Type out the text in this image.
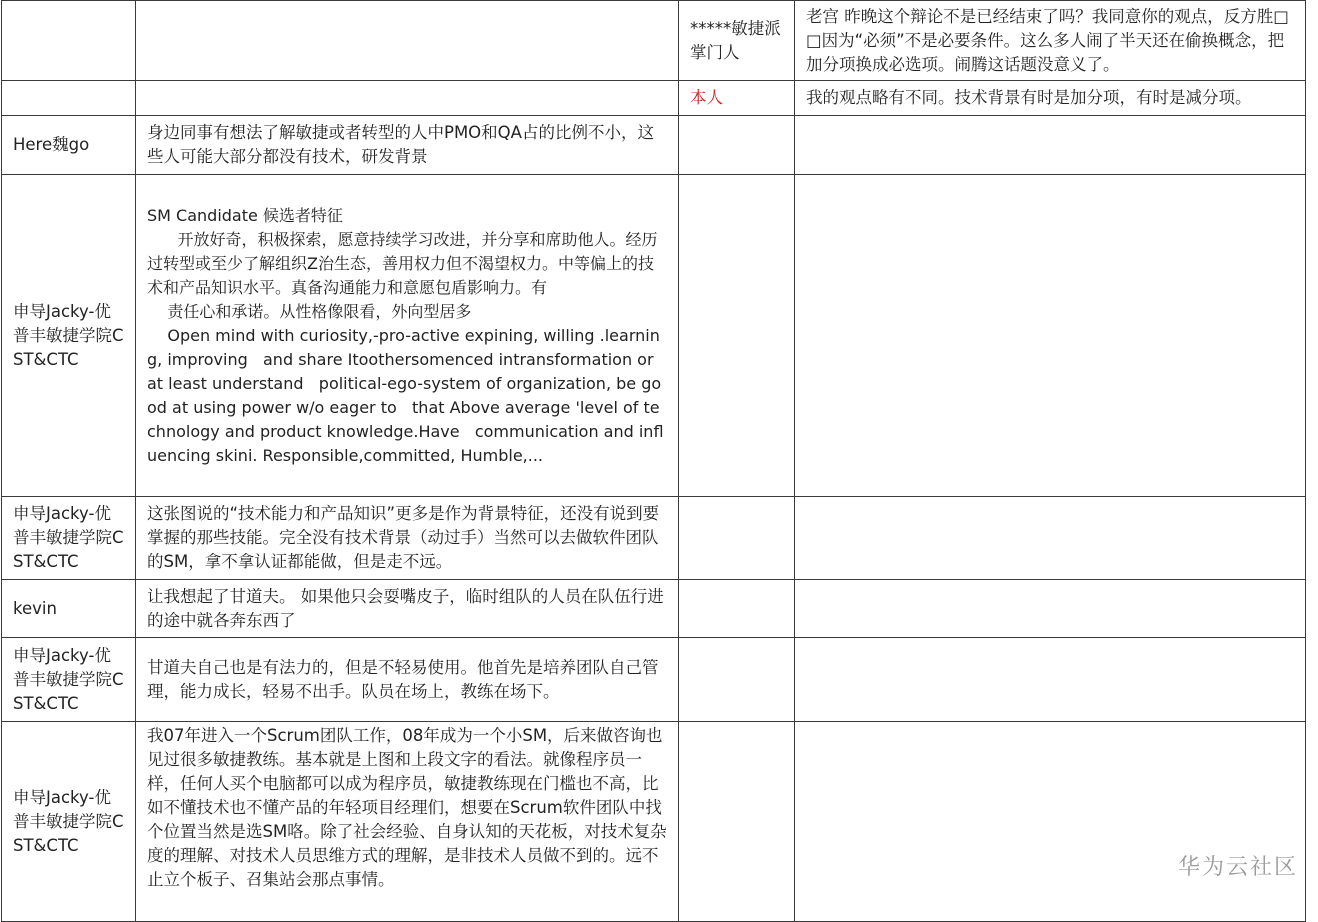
		*****敏捷派掌门人	老宫 昨晚这个辩论不是已经结束了吗？我同意你的观点，反方胜□□因为“必须”不是必要条件。这么多人闹了半天还在偷换概念，把加分项换成必选项。闹腾这话题没意义了。
		本人	我的观点略有不同。技术背景有时是加分项，有时是减分项。
Here魏go	身边同事有想法了解敏捷或者转型的人中PMO和QA占的比例不小，这些人可能大部分都没有技术，研发背景		
申导Jacky-优普丰敏捷学院CST&CTC	SM Candidate 候选者特征
开放好奇，积极探索，愿意持续学习改进，并分享和席助他人。经历过转型或至少了解组织Z治生态，善用权力但不渴望权力。中等偏上的技术和产品知识水平。真备沟通能力和意愿包盾影响力。有
责任心和承诺。从性格像限看，外向型居多
Open mind with curiosity,-pro-active expining, willing .learning, improving   and share Itoothersomenced intransformation or at least understand   political-ego-system of organization, be good at using power w/o eager to   that Above average 'level of technology and product knowledge.Have   communication and influencing skini. Responsible,committed, Humble,...		
申导Jacky-优普丰敏捷学院CST&CTC	这张图说的“技术能力和产品知识”更多是作为背景特征，还没有说到要掌握的那些技能。完全没有技术背景（动过手）当然可以去做软件团队的SM，拿不拿认证都能做，但是走不远。		
kevin	让我想起了甘道夫。 如果他只会耍嘴皮子，临时组队的人员在队伍行进的途中就各奔东西了		
申导Jacky-优普丰敏捷学院CST&CTC	甘道夫自己也是有法力的，但是不轻易使用。他首先是培养团队自己管理，能力成长，轻易不出手。队员在场上，教练在场下。		
申导Jacky-优普丰敏捷学院CST&CTC	我07年进入一个Scrum团队工作，08年成为一个小SM，后来做咨询也见过很多敏捷教练。基本就是上图和上段文字的看法。就像程序员一样，任何人买个电脑都可以成为程序员，敏捷教练现在门槛也不高，比如不懂技术也不懂产品的年轻项目经理们，想要在Scrum软件团队中找个位置当然是选SM咯。除了社会经验、自身认知的天花板，对技术复杂度的理解、对技术人员思维方式的理解，是非技术人员做不到的。远不止立个板子、召集站会那点事情。			华为云社区
